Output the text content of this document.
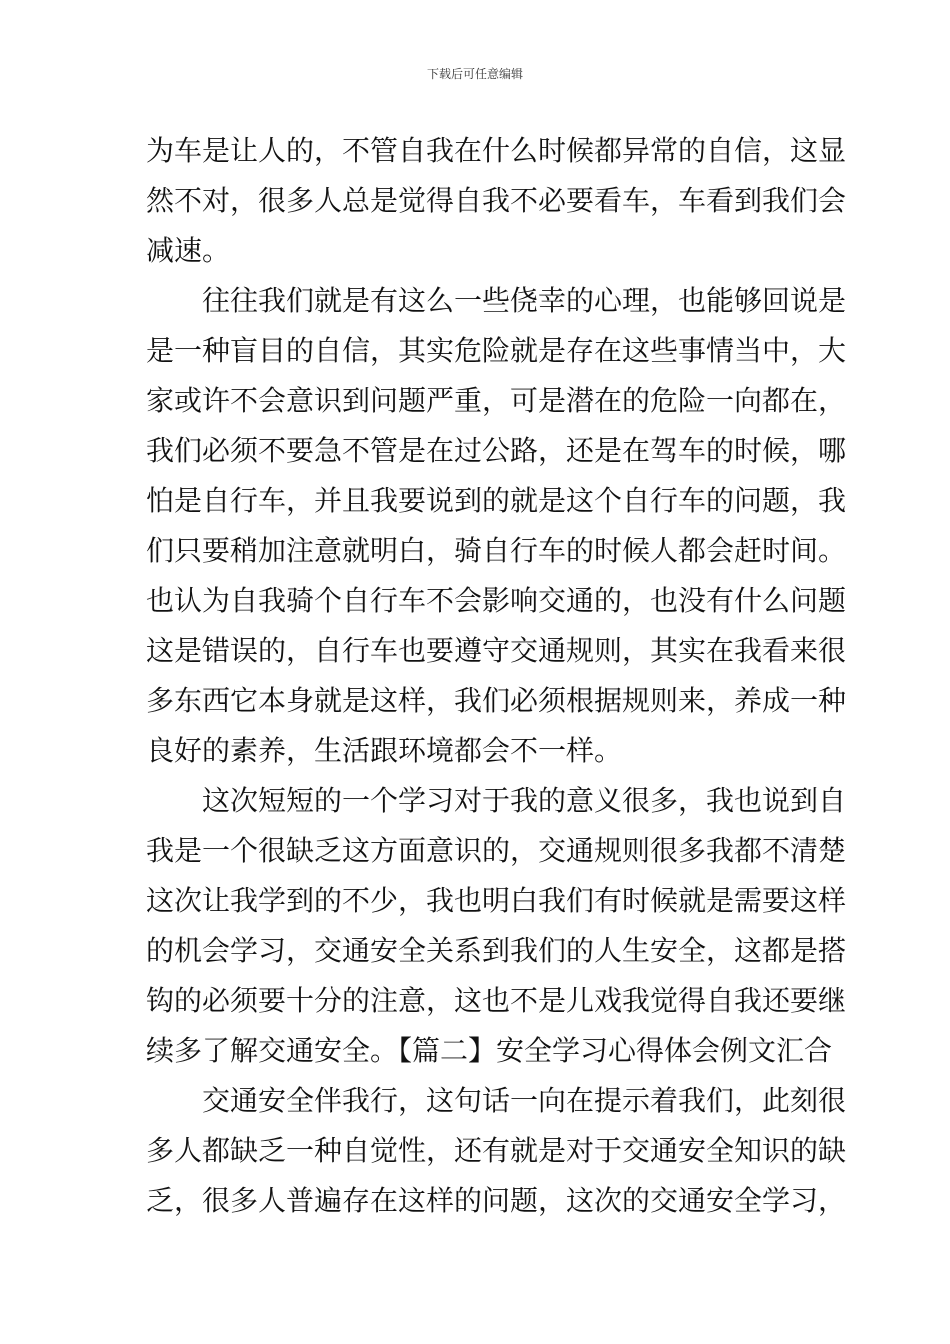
下载后可任意编辑
为车是让人的，不管自我在什么时候都异常的自信，这显
然不对，很多人总是觉得自我不必要看车，车看到我们会
减速。
往往我们就是有这么一些侥幸的心理，也能够回说是
是一种盲目的自信，其实危险就是存在这些事情当中，大
家或许不会意识到问题严重，可是潜在的危险一向都在，
我们必须不要急不管是在过公路，还是在驾车的时候，哪
怕是自行车，并且我要说到的就是这个自行车的问题，我
们只要稍加注意就明白，骑自行车的时候人都会赶时间。
也认为自我骑个自行车不会影响交通的，也没有什么问题
这是错误的，自行车也要遵守交通规则，其实在我看来很
多东西它本身就是这样，我们必须根据规则来，养成一种
良好的素养，生活跟环境都会不一样。
这次短短的一个学习对于我的意义很多，我也说到自
我是一个很缺乏这方面意识的，交通规则很多我都不清楚
这次让我学到的不少，我也明白我们有时候就是需要这样
的机会学习，交通安全关系到我们的人生安全，这都是搭
钩的必须要十分的注意，这也不是儿戏我觉得自我还要继
续多了解交通安全。【篇二】安全学习心得体会例文汇合
交通安全伴我行，这句话一向在提示着我们，此刻很
多人都缺乏一种自觉性，还有就是对于交通安全知识的缺
乏，很多人普遍存在这样的问题，这次的交通安全学习，
